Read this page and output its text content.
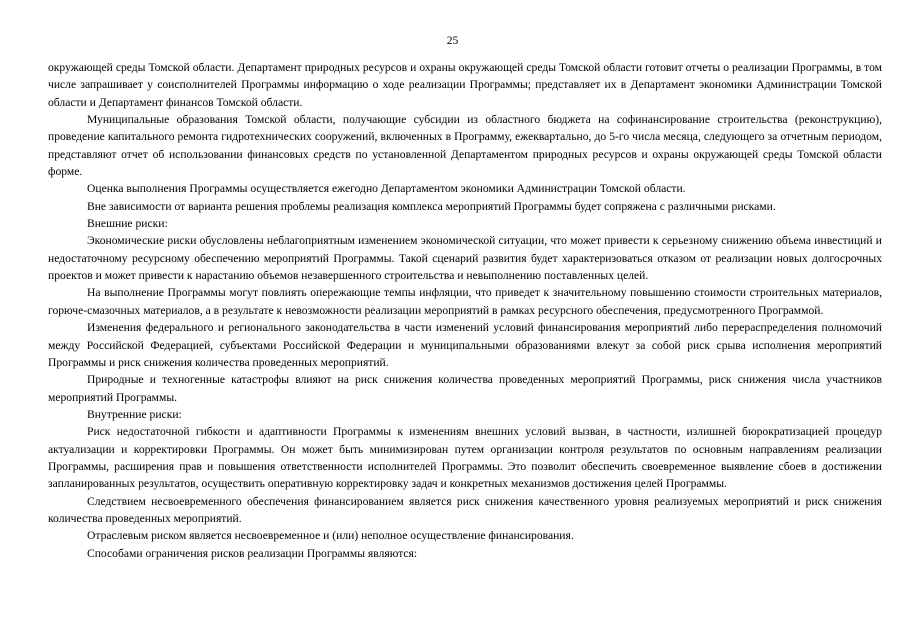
25

окружающей среды Томской области. Департамент природных ресурсов и охраны окружающей среды Томской области готовит отчеты о реализации Программы, в том числе запрашивает у соисполнителей Программы информацию о ходе реализации Программы; представляет их в Департамент экономики Администрации Томской области и Департамент финансов Томской области.

Муниципальные образования Томской области, получающие субсидии из областного бюджета на софинансирование строительства (реконструкцию), проведение капитального ремонта гидротехнических сооружений, включенных в Программу, ежеквартально, до 5-го числа месяца, следующего за отчетным периодом, представляют отчет об использовании финансовых средств по установленной Департаментом природных ресурсов и охраны окружающей среды Томской области форме.

Оценка выполнения Программы осуществляется ежегодно Департаментом экономики Администрации Томской области.

Вне зависимости от варианта решения проблемы реализация комплекса мероприятий Программы будет сопряжена с различными рисками.

Внешние риски:

Экономические риски обусловлены неблагоприятным изменением экономической ситуации, что может привести к серьезному снижению объема инвестиций и недостаточному ресурсному обеспечению мероприятий Программы. Такой сценарий развития будет характеризоваться отказом от реализации новых долгосрочных проектов и может привести к нарастанию объемов незавершенного строительства и невыполнению поставленных целей.

На выполнение Программы могут повлиять опережающие темпы инфляции, что приведет к значительному повышению стоимости строительных материалов, горюче-смазочных материалов, а в результате к невозможности реализации мероприятий в рамках ресурсного обеспечения, предусмотренного Программой.

Изменения федерального и регионального законодательства в части изменений условий финансирования мероприятий либо перераспределения полномочий между Российской Федерацией, субъектами Российской Федерации и муниципальными образованиями влекут за собой риск срыва исполнения мероприятий Программы и риск снижения количества проведенных мероприятий.

Природные и техногенные катастрофы влияют на риск снижения количества проведенных мероприятий Программы, риск снижения числа участников мероприятий Программы.

Внутренние риски:

Риск недостаточной гибкости и адаптивности Программы к изменениям внешних условий вызван, в частности, излишней бюрократизацией процедур актуализации и корректировки Программы. Он может быть минимизирован путем организации контроля результатов по основным направлениям реализации Программы, расширения прав и повышения ответственности исполнителей Программы. Это позволит обеспечить своевременное выявление сбоев в достижении запланированных результатов, осуществить оперативную корректировку задач и конкретных механизмов достижения целей Программы.

Следствием несвоевременного обеспечения финансированием является риск снижения качественного уровня реализуемых мероприятий и риск снижения количества проведенных мероприятий.

Отраслевым риском является несвоевременное и (или) неполное осуществление финансирования.

Способами ограничения рисков реализации Программы являются:
